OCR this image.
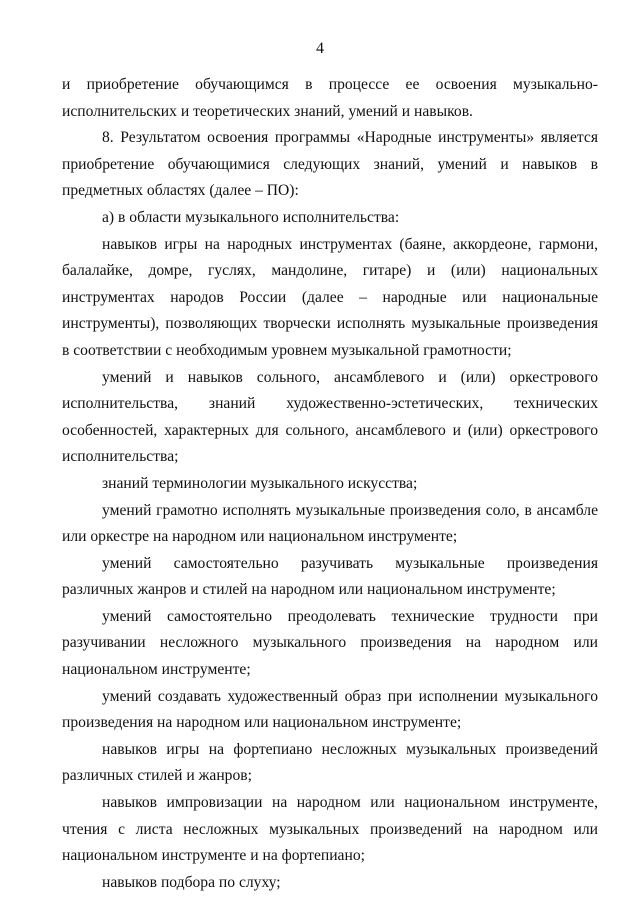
4

и приобретение обучающимся в процессе ее освоения музыкально-исполнительских и теоретических знаний, умений и навыков.

8. Результатом освоения программы «Народные инструменты» является приобретение обучающимися следующих знаний, умений и навыков в предметных областях (далее – ПО):

а) в области музыкального исполнительства:

навыков игры на народных инструментах (баяне, аккордеоне, гармони, балалайке, домре, гуслях, мандолине, гитаре) и (или) национальных инструментах народов России (далее – народные или национальные инструменты), позволяющих творчески исполнять музыкальные произведения в соответствии с необходимым уровнем музыкальной грамотности;

умений и навыков сольного, ансамблевого и (или) оркестрового исполнительства, знаний художественно-эстетических, технических особенностей, характерных для сольного, ансамблевого и (или) оркестрового исполнительства;

знаний терминологии музыкального искусства;

умений грамотно исполнять музыкальные произведения соло, в ансамбле или оркестре на народном или национальном инструменте;

умений самостоятельно разучивать музыкальные произведения различных жанров и стилей на народном или национальном инструменте;

умений самостоятельно преодолевать технические трудности при разучивании несложного музыкального произведения на народном или национальном инструменте;

умений создавать художественный образ при исполнении музыкального произведения на народном или национальном инструменте;

навыков игры на фортепиано несложных музыкальных произведений различных стилей и жанров;

навыков импровизации на народном или национальном инструменте, чтения с листа несложных музыкальных произведений на народном или национальном инструменте и на фортепиано;

навыков подбора по слуху;
